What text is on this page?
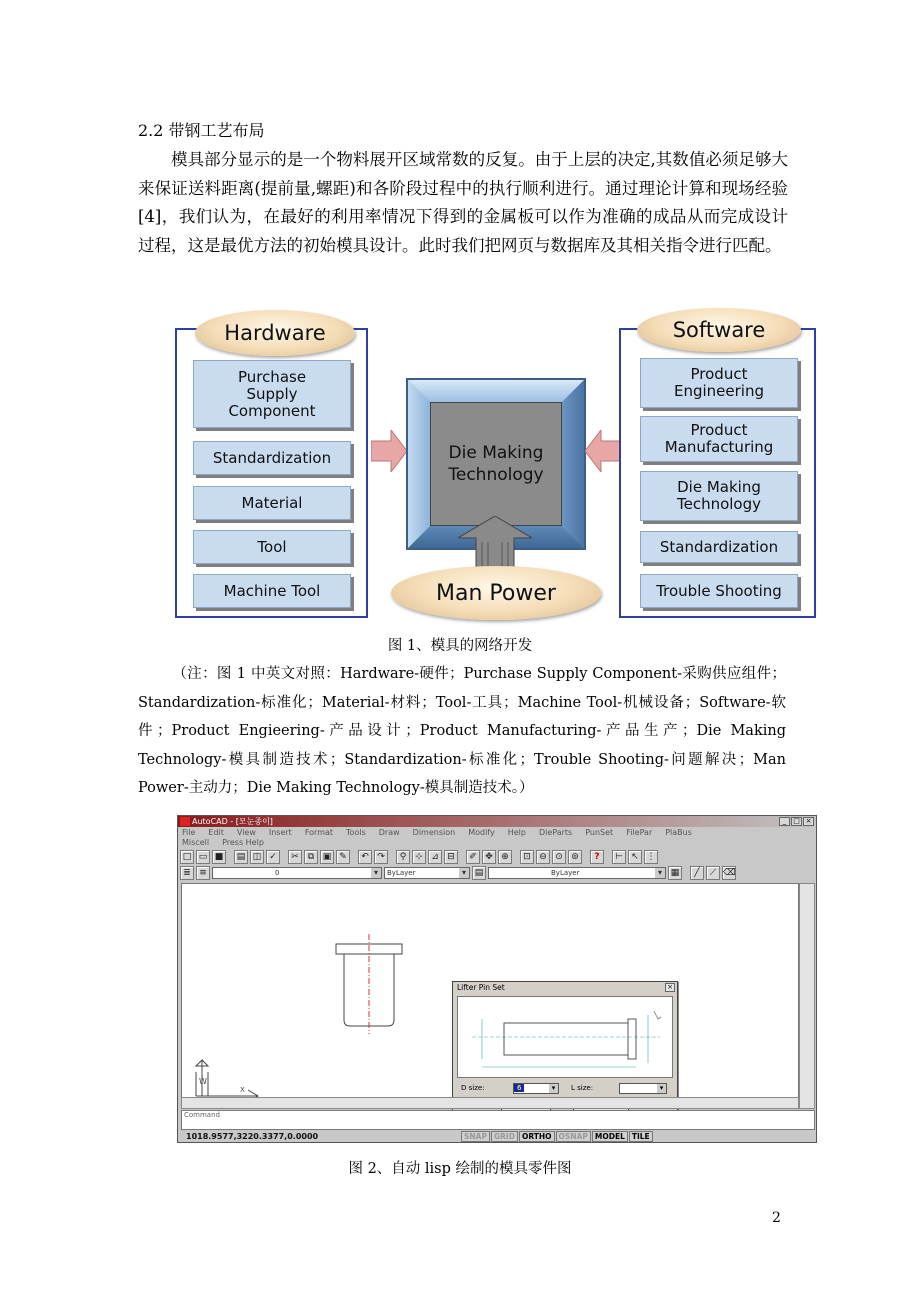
2.2 带钢工艺布局
模具部分显示的是一个物料展开区域常数的反复。由于上层的决定,其数值必须足够大来保证送料距离(提前量,螺距)和各阶段过程中的执行顺利进行。通过理论计算和现场经验[4]，我们认为，在最好的利用率情况下得到的金属板可以作为准确的成品从而完成设计过程，这是最优方法的初始模具设计。此时我们把网页与数据库及其相关指令进行匹配。
Hardware
Purchase
Supply
Component
Standardization
Material
Tool
Machine Tool
Die Making
Technology
Man Power
Software
Product
Engineering
Product
Manufacturing
Die Making
Technology
Standardization
Trouble Shooting
图 1、模具的网络开发
（注：图 1 中英文对照：Hardware-硬件；Purchase Supply Component-采购供应组件；Standardization-标准化；Material-材料；Tool-工具；Machine Tool-机械设备；Software-软件；Product Engieering-产品设计；Product Manufacturing-产品生产；Die Making Technology-模具制造技术；Standardization-标准化；Trouble Shooting-问题解决；Man Power-主动力；Die Making Technology-模具制造技术。）
AutoCAD - [모눈종이]	_ □ ×
File Edit View Insert Format Tools Draw Dimension Modify Help DieParts PunSet FilePar PlaBus
Miscell Press Help
□ ▭ ■	▤ ◫ ✓	✂	⧉ ▣ ✎	↶ ↷	⚲ ⊹ ⊿ ⊟	✐ ✥ ⊕	⊡ ⊖ ⊙ ⊚	?	⊢ ↖ ⋮
≣ ≡	0 ▾	ByLayer ▾	▤	ByLayer ▾	▦	╱	⟋ ⌫
W
X
Lifter Pin Set	×
D size:	6 ▾	L size:
▾
Command
1018.9577,3220.3377,0.0000	SNAP GRID ORTHO OSNAP MODEL TILE
图 2、自动 lisp 绘制的模具零件图
2
